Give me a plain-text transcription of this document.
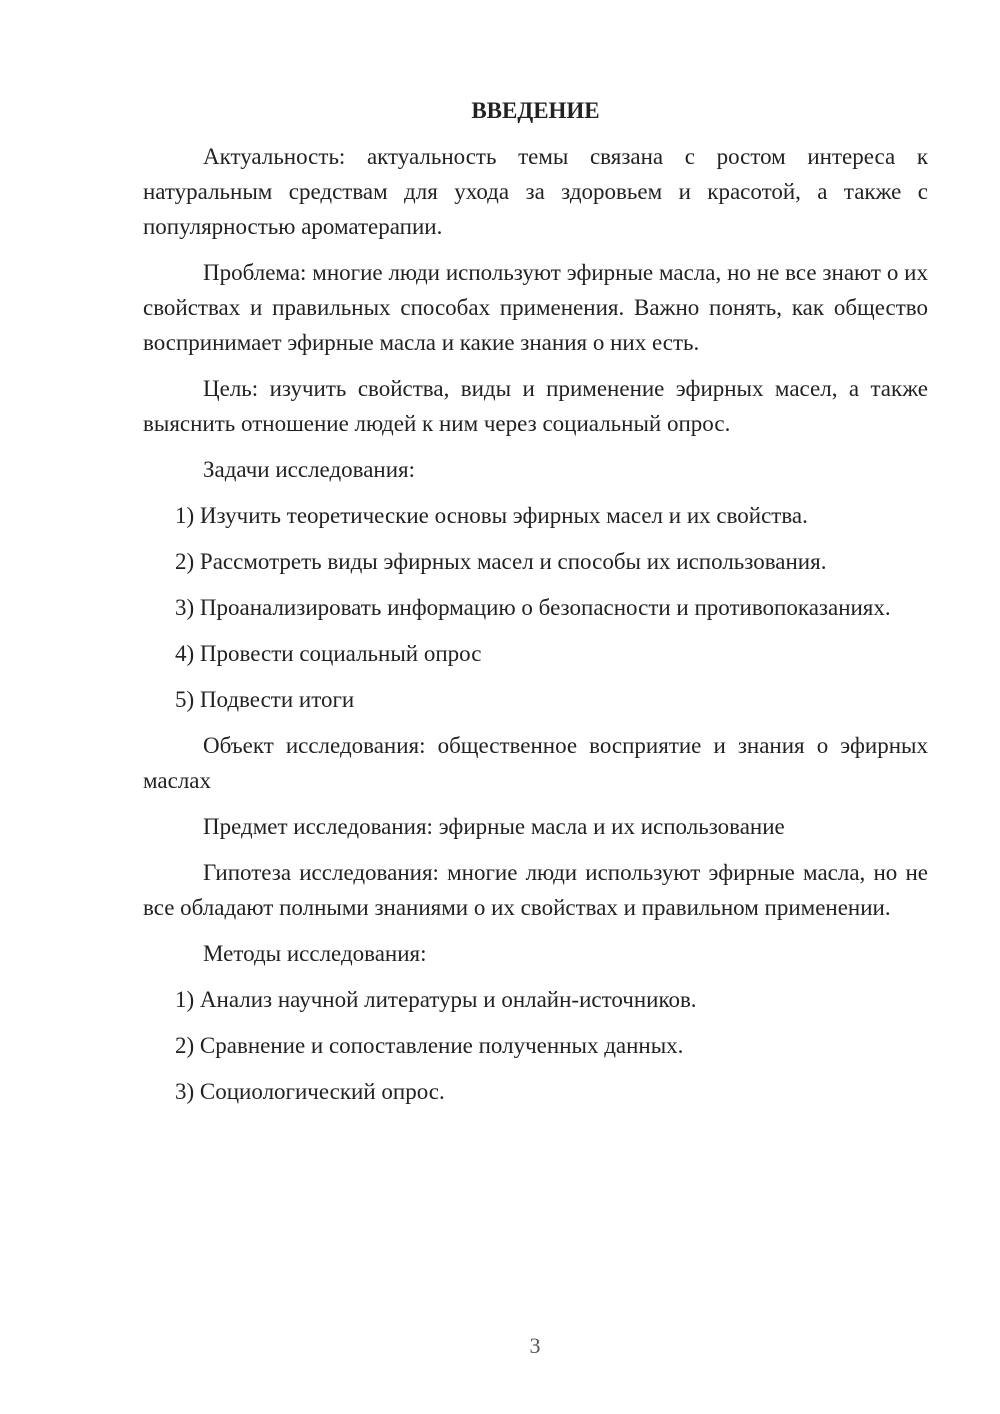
ВВЕДЕНИЕ

Актуальность: актуальность темы связана с ростом интереса к натуральным средствам для ухода за здоровьем и красотой, а также с популярностью ароматерапии.

Проблема: многие люди используют эфирные масла, но не все знают о их свойствах и правильных способах применения. Важно понять, как общество воспринимает эфирные масла и какие знания о них есть.

Цель: изучить свойства, виды и применение эфирных масел, а также выяснить отношение людей к ним через социальный опрос.

Задачи исследования:

1) Изучить теоретические основы эфирных масел и их свойства.

2) Рассмотреть виды эфирных масел и способы их использования.

3) Проанализировать информацию о безопасности и противопоказаниях.

4) Провести социальный опрос

5) Подвести итоги

Объект исследования: общественное восприятие и знания о эфирных маслах

Предмет исследования: эфирные масла и их использование

Гипотеза исследования: многие люди используют эфирные масла, но не все обладают полными знаниями о их свойствах и правильном применении.

Методы исследования:

1) Анализ научной литературы и онлайн-источников.

2) Сравнение и сопоставление полученных данных.

3) Социологический опрос.

3
